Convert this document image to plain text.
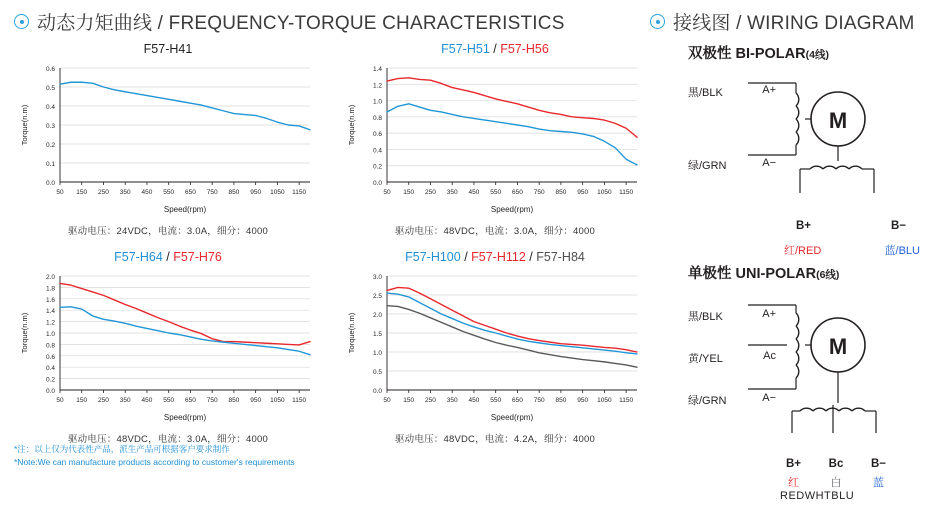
动态力矩曲线 / FREQUENCY-TORQUE CHARACTERISTICS	接线图 / WIRING DIAGRAM
F57-H41
0.0
0.1
0.2
0.3
0.4
0.5
0.6
50 150 250 350 450 550 650 750 850 950 1050 1150
Speed(rpm)
Torque(n.m)
驱动电压：24VDC，电流：3.0A，细分：4000
F57-H51 / F57-H56
0.0
0.2
0.4
0.6
0.8
1.0
1.2
1.4
50 150 250 350 450 550 650 750 850 950 1050 1150
Speed(rpm)
Torque(n.m)
驱动电压：48VDC，电流：3.0A，细分：4000
F57-H64 / F57-H76
0.0
0.2
0.4
0.6
0.8
1.0
1.2
1.4
1.6
1.8
2.0
50 150 250 350 450 550 650 750 850 950 1050 1150
Speed(rpm)
Torque(n.m)
驱动电压：48VDC，电流：3.0A，细分：4000
F57-H100 / F57-H112 / F57-H84
0.0
0.5
1.0
1.5
2.0
2.5
3.0
50 150 250 350 450 550 650 750 850 950 1050 1150
Speed(rpm)
Torque(n.m)
驱动电压：48VDC，电流：4.2A，细分：4000
双极性 BI-POLAR(4线)
M
黑/BLK	A+
绿/GRN	A−
B+	B−
红/RED	蓝/BLU
单极性 UNI-POLAR(6线)
M
黑/BLK	A+
黄/YEL	Ac
绿/GRN	A−
B+ Bc B−
红	白	蓝
REDWHTBLU
*注：以上仅为代表性产品，派生产品可根据客户要求制作
*Note:We can manufacture products according to customer's requirements
